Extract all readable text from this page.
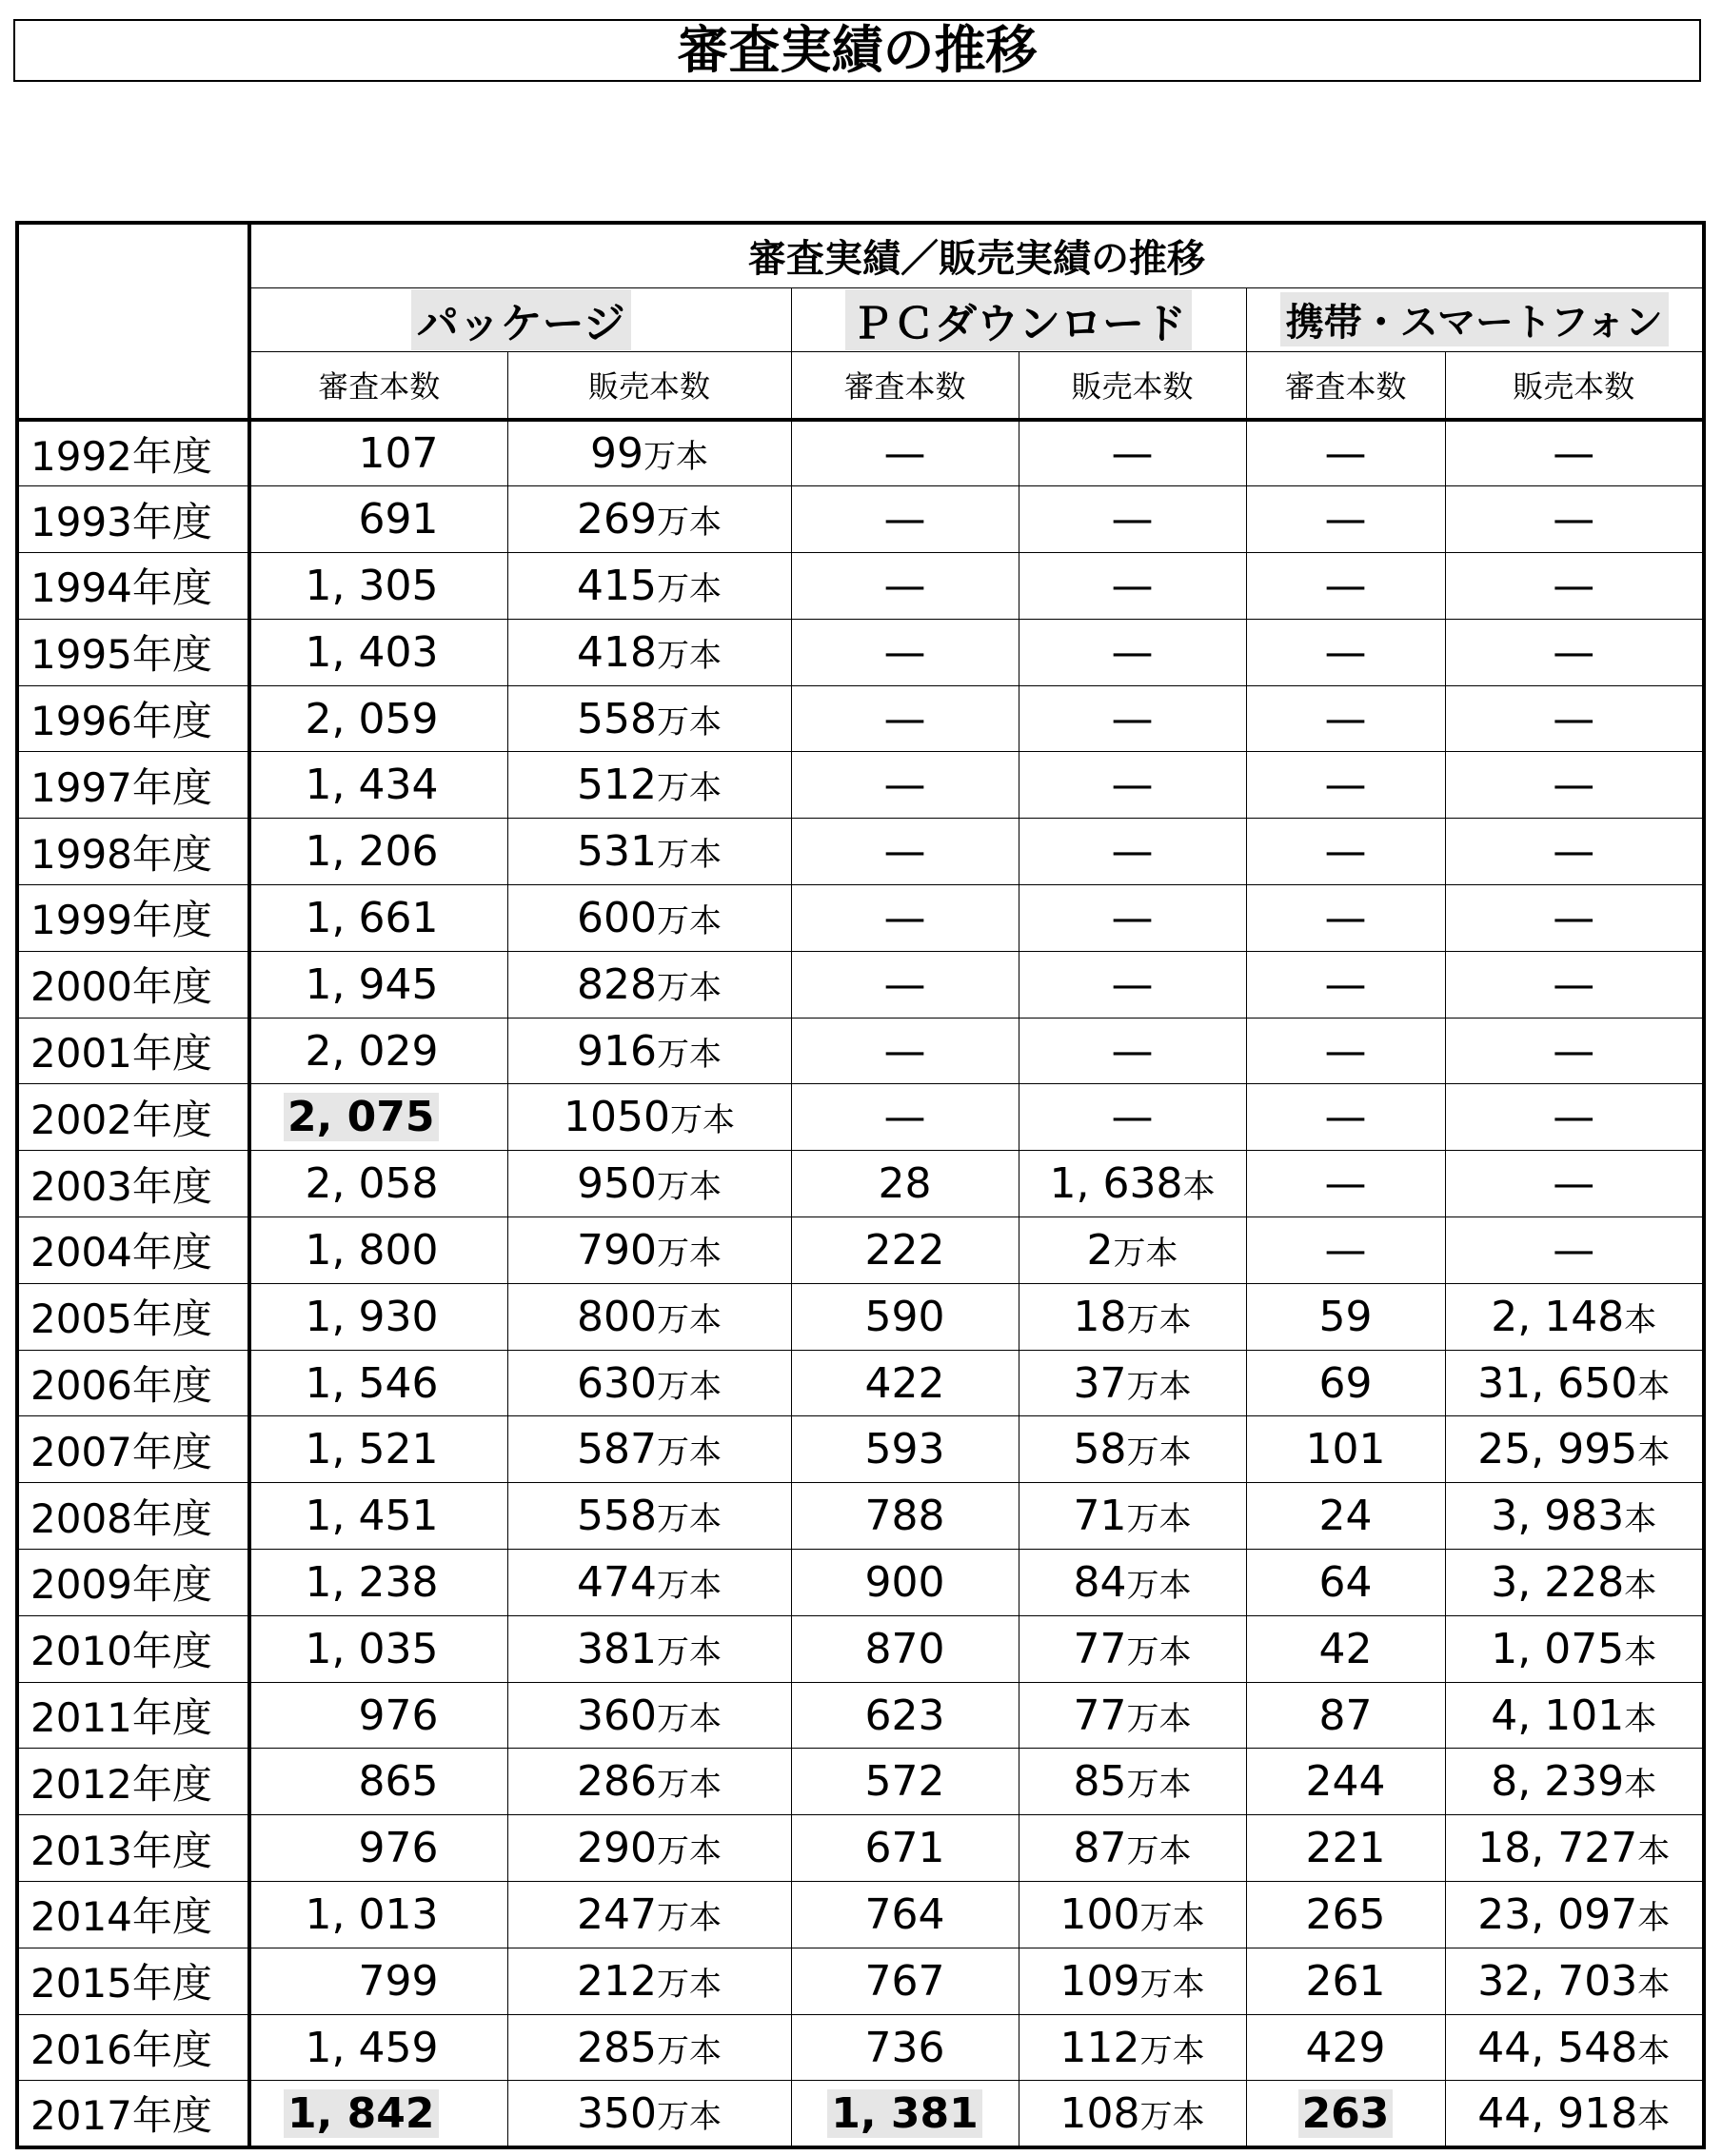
審査実績の推移
	審査実績／販売実績の推移					
	パッケージ		ＰＣダウンロード		携帯・スマートフォン	
	審査本数	販売本数	審査本数	販売本数	審査本数	販売本数
1992年度	107	99万本	—	—	—	—
1993年度	691	269万本	—	—	—	—
1994年度	1, 305	415万本	—	—	—	—
1995年度	1, 403	418万本	—	—	—	—
1996年度	2, 059	558万本	—	—	—	—
1997年度	1, 434	512万本	—	—	—	—
1998年度	1, 206	531万本	—	—	—	—
1999年度	1, 661	600万本	—	—	—	—
2000年度	1, 945	828万本	—	—	—	—
2001年度	2, 029	916万本	—	—	—	—
2002年度	2, 075	1050万本	—	—	—	—
2003年度	2, 058	950万本	28	1, 638本	—	—
2004年度	1, 800	790万本	222	2万本	—	—
2005年度	1, 930	800万本	590	18万本	59	2, 148本
2006年度	1, 546	630万本	422	37万本	69	31, 650本
2007年度	1, 521	587万本	593	58万本	101	25, 995本
2008年度	1, 451	558万本	788	71万本	24	3, 983本
2009年度	1, 238	474万本	900	84万本	64	3, 228本
2010年度	1, 035	381万本	870	77万本	42	1, 075本
2011年度	976	360万本	623	77万本	87	4, 101本
2012年度	865	286万本	572	85万本	244	8, 239本
2013年度	976	290万本	671	87万本	221	18, 727本
2014年度	1, 013	247万本	764	100万本	265	23, 097本
2015年度	799	212万本	767	109万本	261	32, 703本
2016年度	1, 459	285万本	736	112万本	429	44, 548本
2017年度	1, 842	350万本	1, 381	108万本	263	44, 918本
